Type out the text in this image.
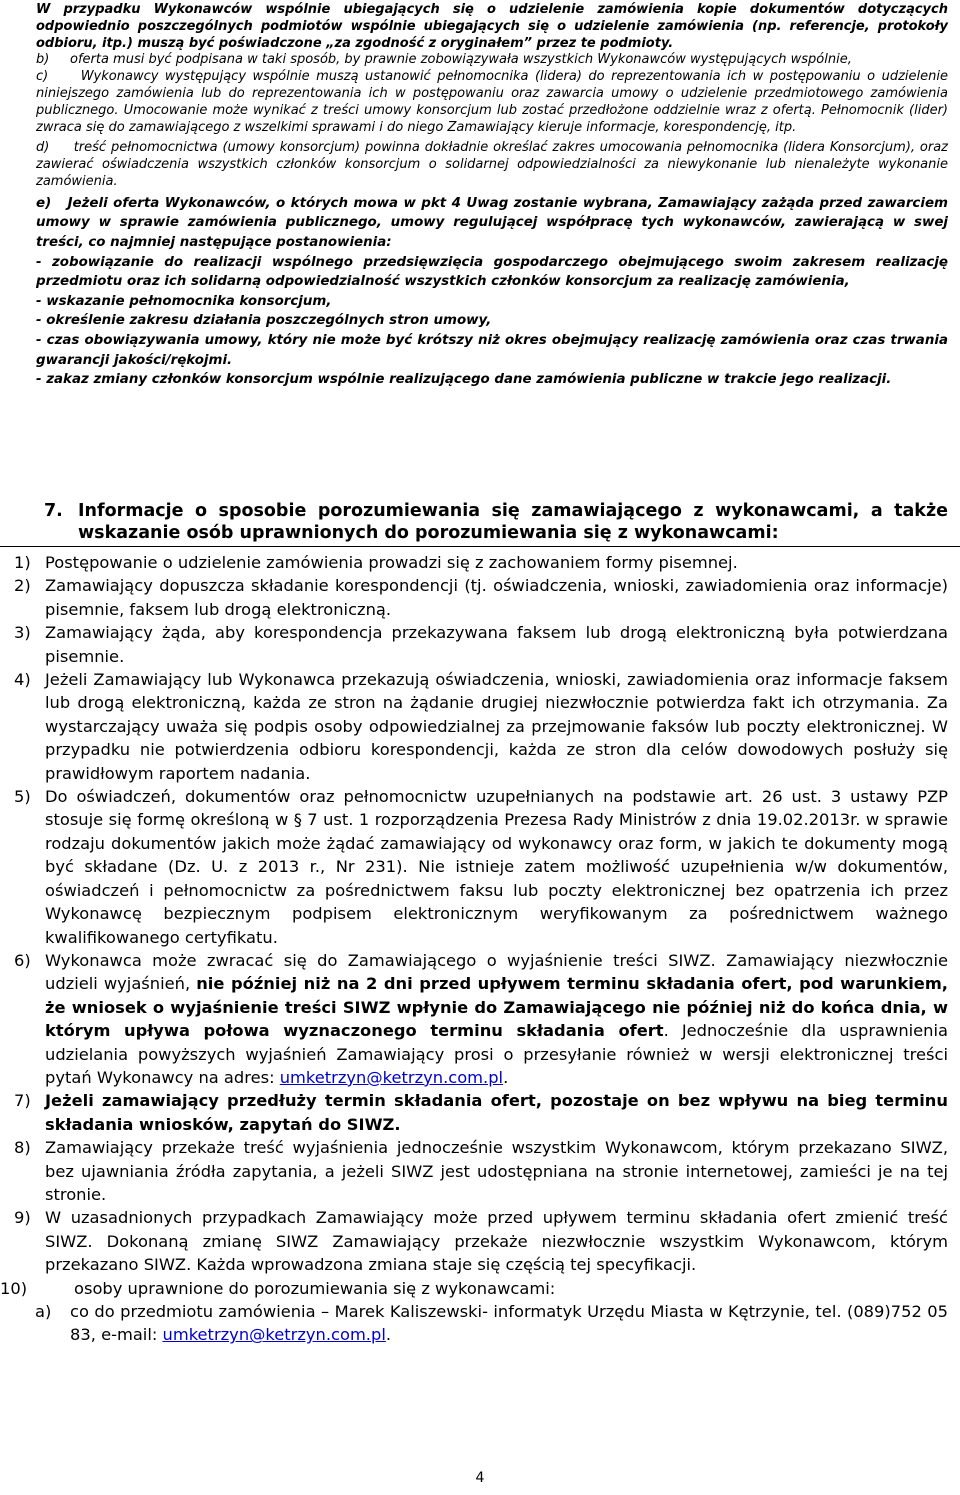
W przypadku Wykonawców wspólnie ubiegających się o udzielenie zamówienia kopie dokumentów dotyczących odpowiednio poszczególnych podmiotów wspólnie ubiegających się o udzielenie zamówienia (np. referencje, protokoły odbioru, itp.) muszą być poświadczone „za zgodność z oryginałem” przez te podmioty.

b)     oferta musi być podpisana w taki sposób, by prawnie zobowiązywała wszystkich Wykonawców występujących wspólnie,

c)     Wykonawcy występujący wspólnie muszą ustanowić pełnomocnika (lidera) do reprezentowania ich w postępowaniu o udzielenie niniejszego zamówienia lub do reprezentowania ich w postępowaniu oraz zawarcia umowy o udzielenie przedmiotowego zamówienia publicznego. Umocowanie może wynikać z treści umowy konsorcjum lub zostać przedłożone oddzielnie wraz z ofertą. Pełnomocnik (lider) zwraca się do zamawiającego z wszelkimi sprawami i do niego Zamawiający kieruje informacje, korespondencję, itp.

d)     treść pełnomocnictwa (umowy konsorcjum) powinna dokładnie określać zakres umocowania pełnomocnika (lidera Konsorcjum), oraz zawierać oświadczenia wszystkich członków konsorcjum o solidarnej odpowiedzialności za niewykonanie lub nienależyte wykonanie zamówienia.

e)   Jeżeli oferta Wykonawców, o których mowa w pkt 4 Uwag zostanie wybrana, Zamawiający zażąda przed zawarciem umowy w sprawie zamówienia publicznego, umowy regulującej współpracę tych wykonawców, zawierającą w swej treści, co najmniej następujące postanowienia:

- zobowiązanie do realizacji wspólnego przedsięwzięcia gospodarczego obejmującego swoim zakresem realizację przedmiotu oraz ich solidarną odpowiedzialność wszystkich członków konsorcjum za realizację zamówienia,

- wskazanie pełnomocnika konsorcjum,

- określenie zakresu działania poszczególnych stron umowy,

- czas obowiązywania umowy, który nie może być krótszy niż okres obejmujący realizację zamówienia oraz czas trwania gwarancji jakości/rękojmi.

- zakaz zmiany członków konsorcjum wspólnie realizującego dane zamówienia publiczne w trakcie jego realizacji.

7. Informacje o sposobie porozumiewania się zamawiającego z wykonawcami, a także wskazanie osób uprawnionych do porozumiewania się z wykonawcami:
1) Postępowanie o udzielenie zamówienia prowadzi się z zachowaniem formy pisemnej.
2) Zamawiający dopuszcza składanie korespondencji (tj. oświadczenia, wnioski, zawiadomienia oraz informacje) pisemnie, faksem lub drogą elektroniczną.
3) Zamawiający żąda, aby korespondencja przekazywana faksem lub drogą elektroniczną była potwierdzana pisemnie.
4) Jeżeli Zamawiający lub Wykonawca przekazują oświadczenia, wnioski, zawiadomienia oraz informacje faksem lub drogą elektroniczną, każda ze stron na żądanie drugiej niezwłocznie potwierdza fakt ich otrzymania. Za wystarczający uważa się podpis osoby odpowiedzialnej za przejmowanie faksów lub poczty elektronicznej. W przypadku nie potwierdzenia odbioru korespondencji, każda ze stron dla celów dowodowych posłuży się prawidłowym raportem nadania.
5) Do oświadczeń, dokumentów oraz pełnomocnictw uzupełnianych na podstawie art. 26 ust. 3 ustawy PZP stosuje się formę określoną w § 7 ust. 1 rozporządzenia Prezesa Rady Ministrów z dnia 19.02.2013r. w sprawie rodzaju dokumentów jakich może żądać zamawiający od wykonawcy oraz form, w jakich te dokumenty mogą być składane (Dz. U. z 2013 r., Nr 231). Nie istnieje zatem możliwość uzupełnienia w/w dokumentów, oświadczeń i pełnomocnictw za pośrednictwem faksu lub poczty elektronicznej bez opatrzenia ich przez Wykonawcę bezpiecznym podpisem elektronicznym weryfikowanym za pośrednictwem ważnego kwalifikowanego certyfikatu.
6) Wykonawca może zwracać się do Zamawiającego o wyjaśnienie treści SIWZ. Zamawiający niezwłocznie udzieli wyjaśnień, nie później niż na 2 dni przed upływem terminu składania ofert, pod warunkiem, że wniosek o wyjaśnienie treści SIWZ wpłynie do Zamawiającego nie później niż do końca dnia, w którym upływa połowa wyznaczonego terminu składania ofert. Jednocześnie dla usprawnienia udzielania powyższych wyjaśnień Zamawiający prosi o przesyłanie również w wersji elektronicznej treści pytań Wykonawcy na adres: umketrzyn@ketrzyn.com.pl.
7) Jeżeli zamawiający przedłuży termin składania ofert, pozostaje on bez wpływu na bieg terminu składania wniosków, zapytań do SIWZ.
8) Zamawiający przekaże treść wyjaśnienia jednocześnie wszystkim Wykonawcom, którym przekazano SIWZ, bez ujawniania źródła zapytania, a jeżeli SIWZ jest udostępniana na stronie internetowej, zamieści je na tej stronie.
9) W uzasadnionych przypadkach Zamawiający może przed upływem terminu składania ofert zmienić treść SIWZ. Dokonaną zmianę SIWZ Zamawiający przekaże niezwłocznie wszystkim Wykonawcom, którym przekazano SIWZ. Każda wprowadzona zmiana staje się częścią tej specyfikacji.
10)	osoby uprawnione do porozumiewania się z wykonawcami:
a)	co do przedmiotu zamówienia – Marek Kaliszewski- informatyk Urzędu Miasta w Kętrzynie, tel. (089)752 05 83, e-mail: umketrzyn@ketrzyn.com.pl.
4
